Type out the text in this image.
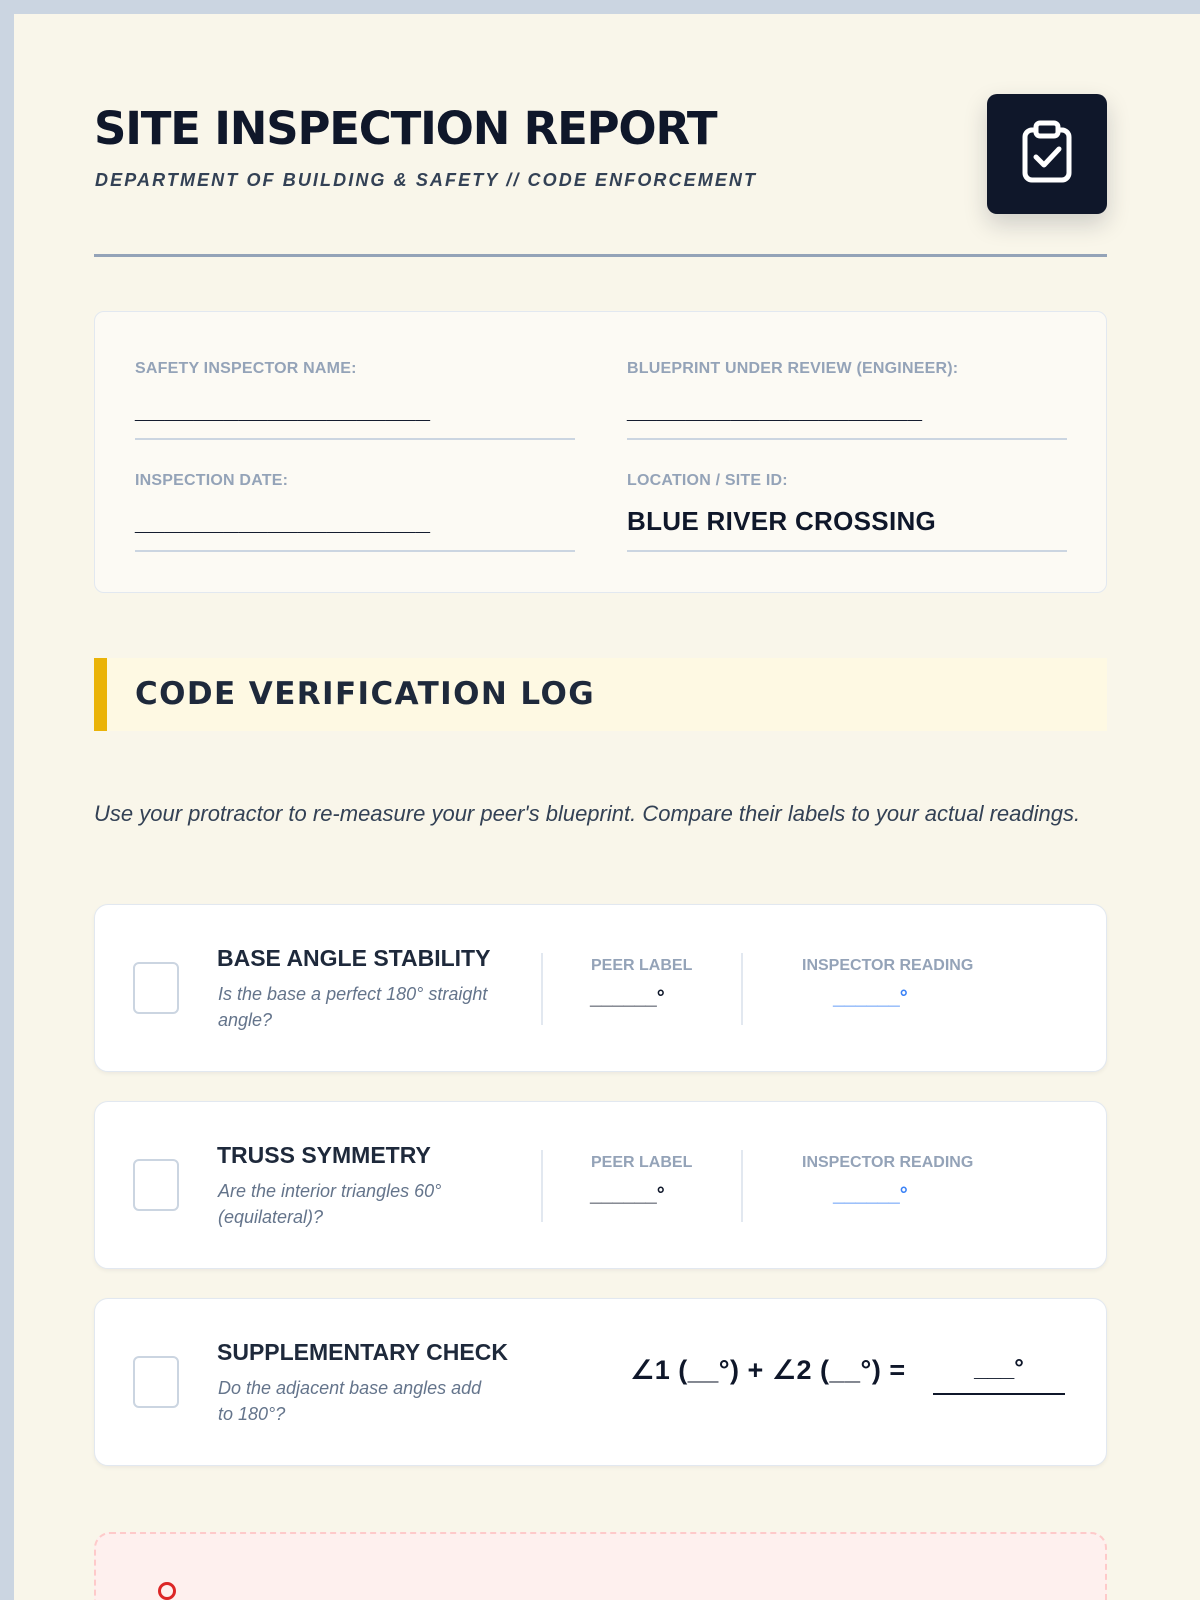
SITE INSPECTION REPORT
DEPARTMENT OF BUILDING & SAFETY // CODE ENFORCEMENT
SAFETY INSPECTOR NAME:
____________________
BLUEPRINT UNDER REVIEW (ENGINEER):
____________________
INSPECTION DATE:
____________________
LOCATION / SITE ID:
BLUE RIVER CROSSING
CODE VERIFICATION LOG
Use your protractor to re-measure your peer's blueprint. Compare their labels to your actual readings.
BASE ANGLE STABILITY
Is the base a perfect 180° straight angle?
PEER LABEL
______°
INSPECTOR READING
______°
TRUSS SYMMETRY
Are the interior triangles 60° (equilateral)?
PEER LABEL
______°
INSPECTOR READING
______°
SUPPLEMENTARY CHECK
Do the adjacent base angles add to 180°?
∠1 (__°) + ∠2 (__°) =	___°
